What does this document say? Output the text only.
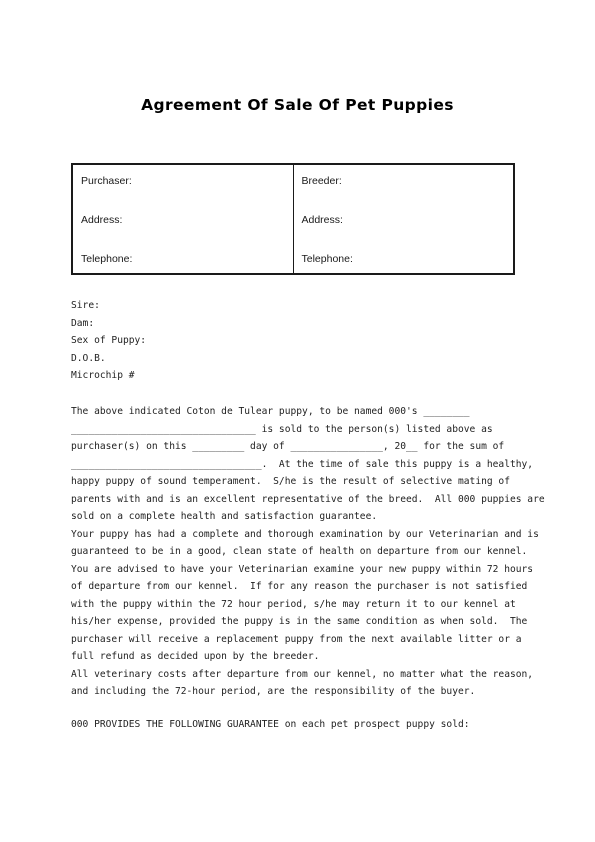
Agreement Of Sale Of Pet Puppies
Purchaser:
Address:
Telephone:
Breeder:
Address:
Telephone:
Sire:
Dam:
Sex of Puppy:
D.O.B.
Microchip #
The above indicated Coton de Tulear puppy, to be named 000's ________
________________________________ is sold to the person(s) listed above as
purchaser(s) on this _________ day of ________________, 20__ for the sum of
_________________________________.  At the time of sale this puppy is a healthy,
happy puppy of sound temperament.  S/he is the result of selective mating of
parents with and is an excellent representative of the breed.  All 000 puppies are
sold on a complete health and satisfaction guarantee.
Your puppy has had a complete and thorough examination by our Veterinarian and is
guaranteed to be in a good, clean state of health on departure from our kennel.
You are advised to have your Veterinarian examine your new puppy within 72 hours
of departure from our kennel.  If for any reason the purchaser is not satisfied
with the puppy within the 72 hour period, s/he may return it to our kennel at
his/her expense, provided the puppy is in the same condition as when sold.  The
purchaser will receive a replacement puppy from the next available litter or a
full refund as decided upon by the breeder.
All veterinary costs after departure from our kennel, no matter what the reason,
and including the 72-hour period, are the responsibility of the buyer.
000 PROVIDES THE FOLLOWING GUARANTEE on each pet prospect puppy sold:
